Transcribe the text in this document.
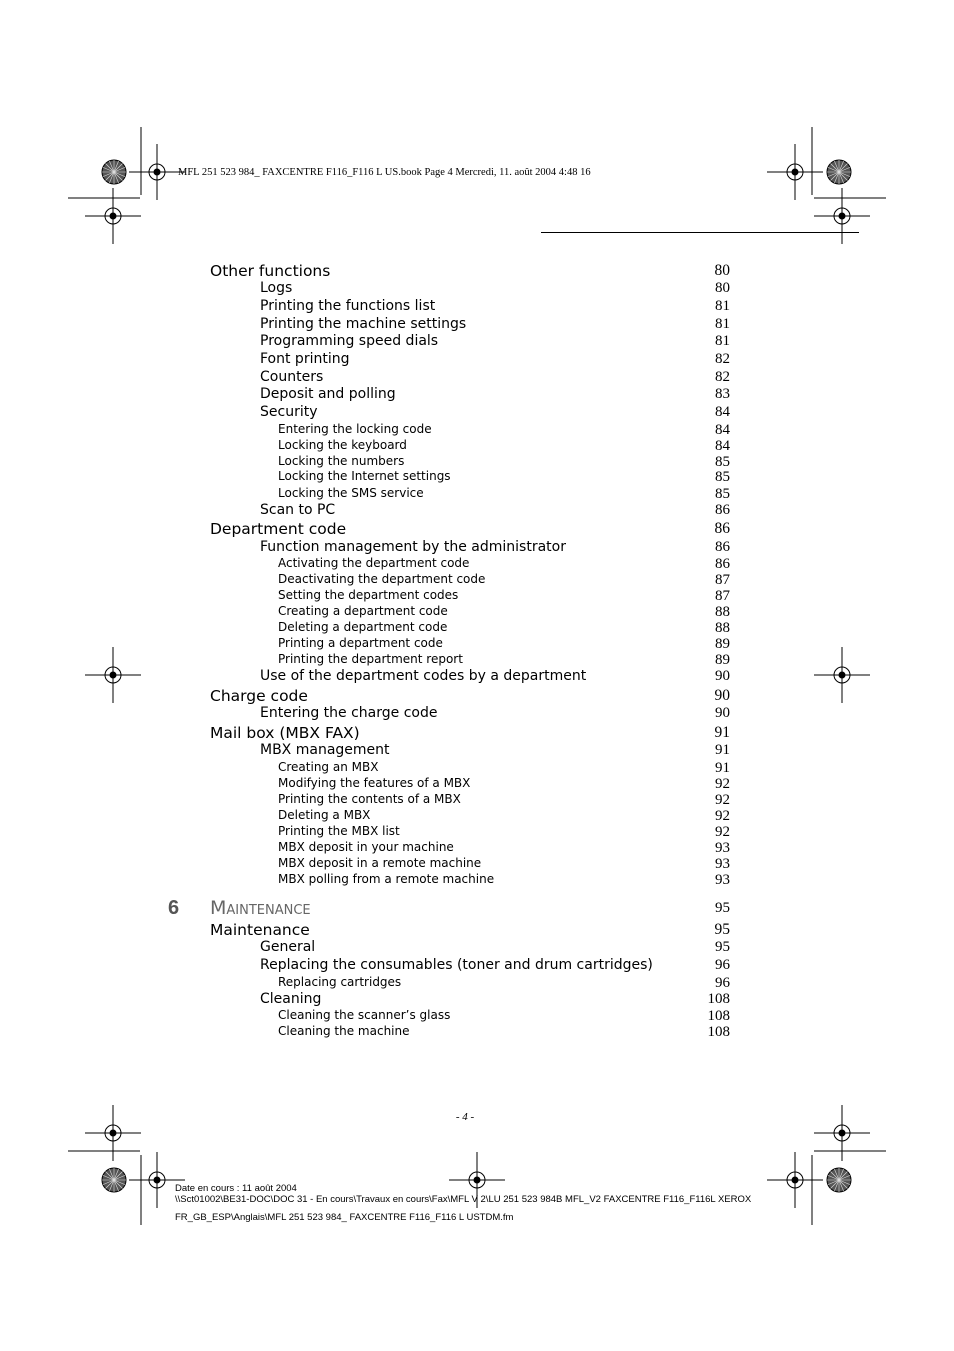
MFL 251 523 984_ FAXCENTRE F116_F116 L US.book Page 4 Mercredi, 11. août 2004 4:48 16
Other functions	80
Logs	80
Printing the functions list	81
Printing the machine settings	81
Programming speed dials	81
Font printing	82
Counters	82
Deposit and polling	83
Security	84
Entering the locking code	84
Locking the keyboard	84
Locking the numbers	85
Locking the Internet settings	85
Locking the SMS service	85
Scan to PC	86
Department code	86
Function management by the administrator	86
Activating the department code	86
Deactivating the department code	87
Setting the department codes	87
Creating a department code	88
Deleting a department code	88
Printing a department code	89
Printing the department report	89
Use of the department codes by a department	90
Charge code	90
Entering the charge code	90
Mail box (MBX FAX)	91
MBX management	91
Creating an MBX	91
Modifying the features of a MBX	92
Printing the contents of a MBX	92
Deleting a MBX	92
Printing the MBX list	92
MBX deposit in your machine	93
MBX deposit in a remote machine	93
MBX polling from a remote machine	93
Maintenance	95
General	95
Replacing the consumables (toner and drum cartridges)	96
Replacing cartridges	96
Cleaning	108
Cleaning the scanner’s glass	108
Cleaning the machine	108
6 Maintenance	95
- 4 -
Date en cours : 11 août 2004
\\Sct01002\BE31-DOC\DOC 31 - En cours\Travaux en cours\Fax\MFL V 2\LU 251 523 984B MFL_V2 FAXCENTRE F116_F116L XEROX
FR_GB_ESP\Anglais\MFL 251 523 984_ FAXCENTRE F116_F116 L USTDM.fm
